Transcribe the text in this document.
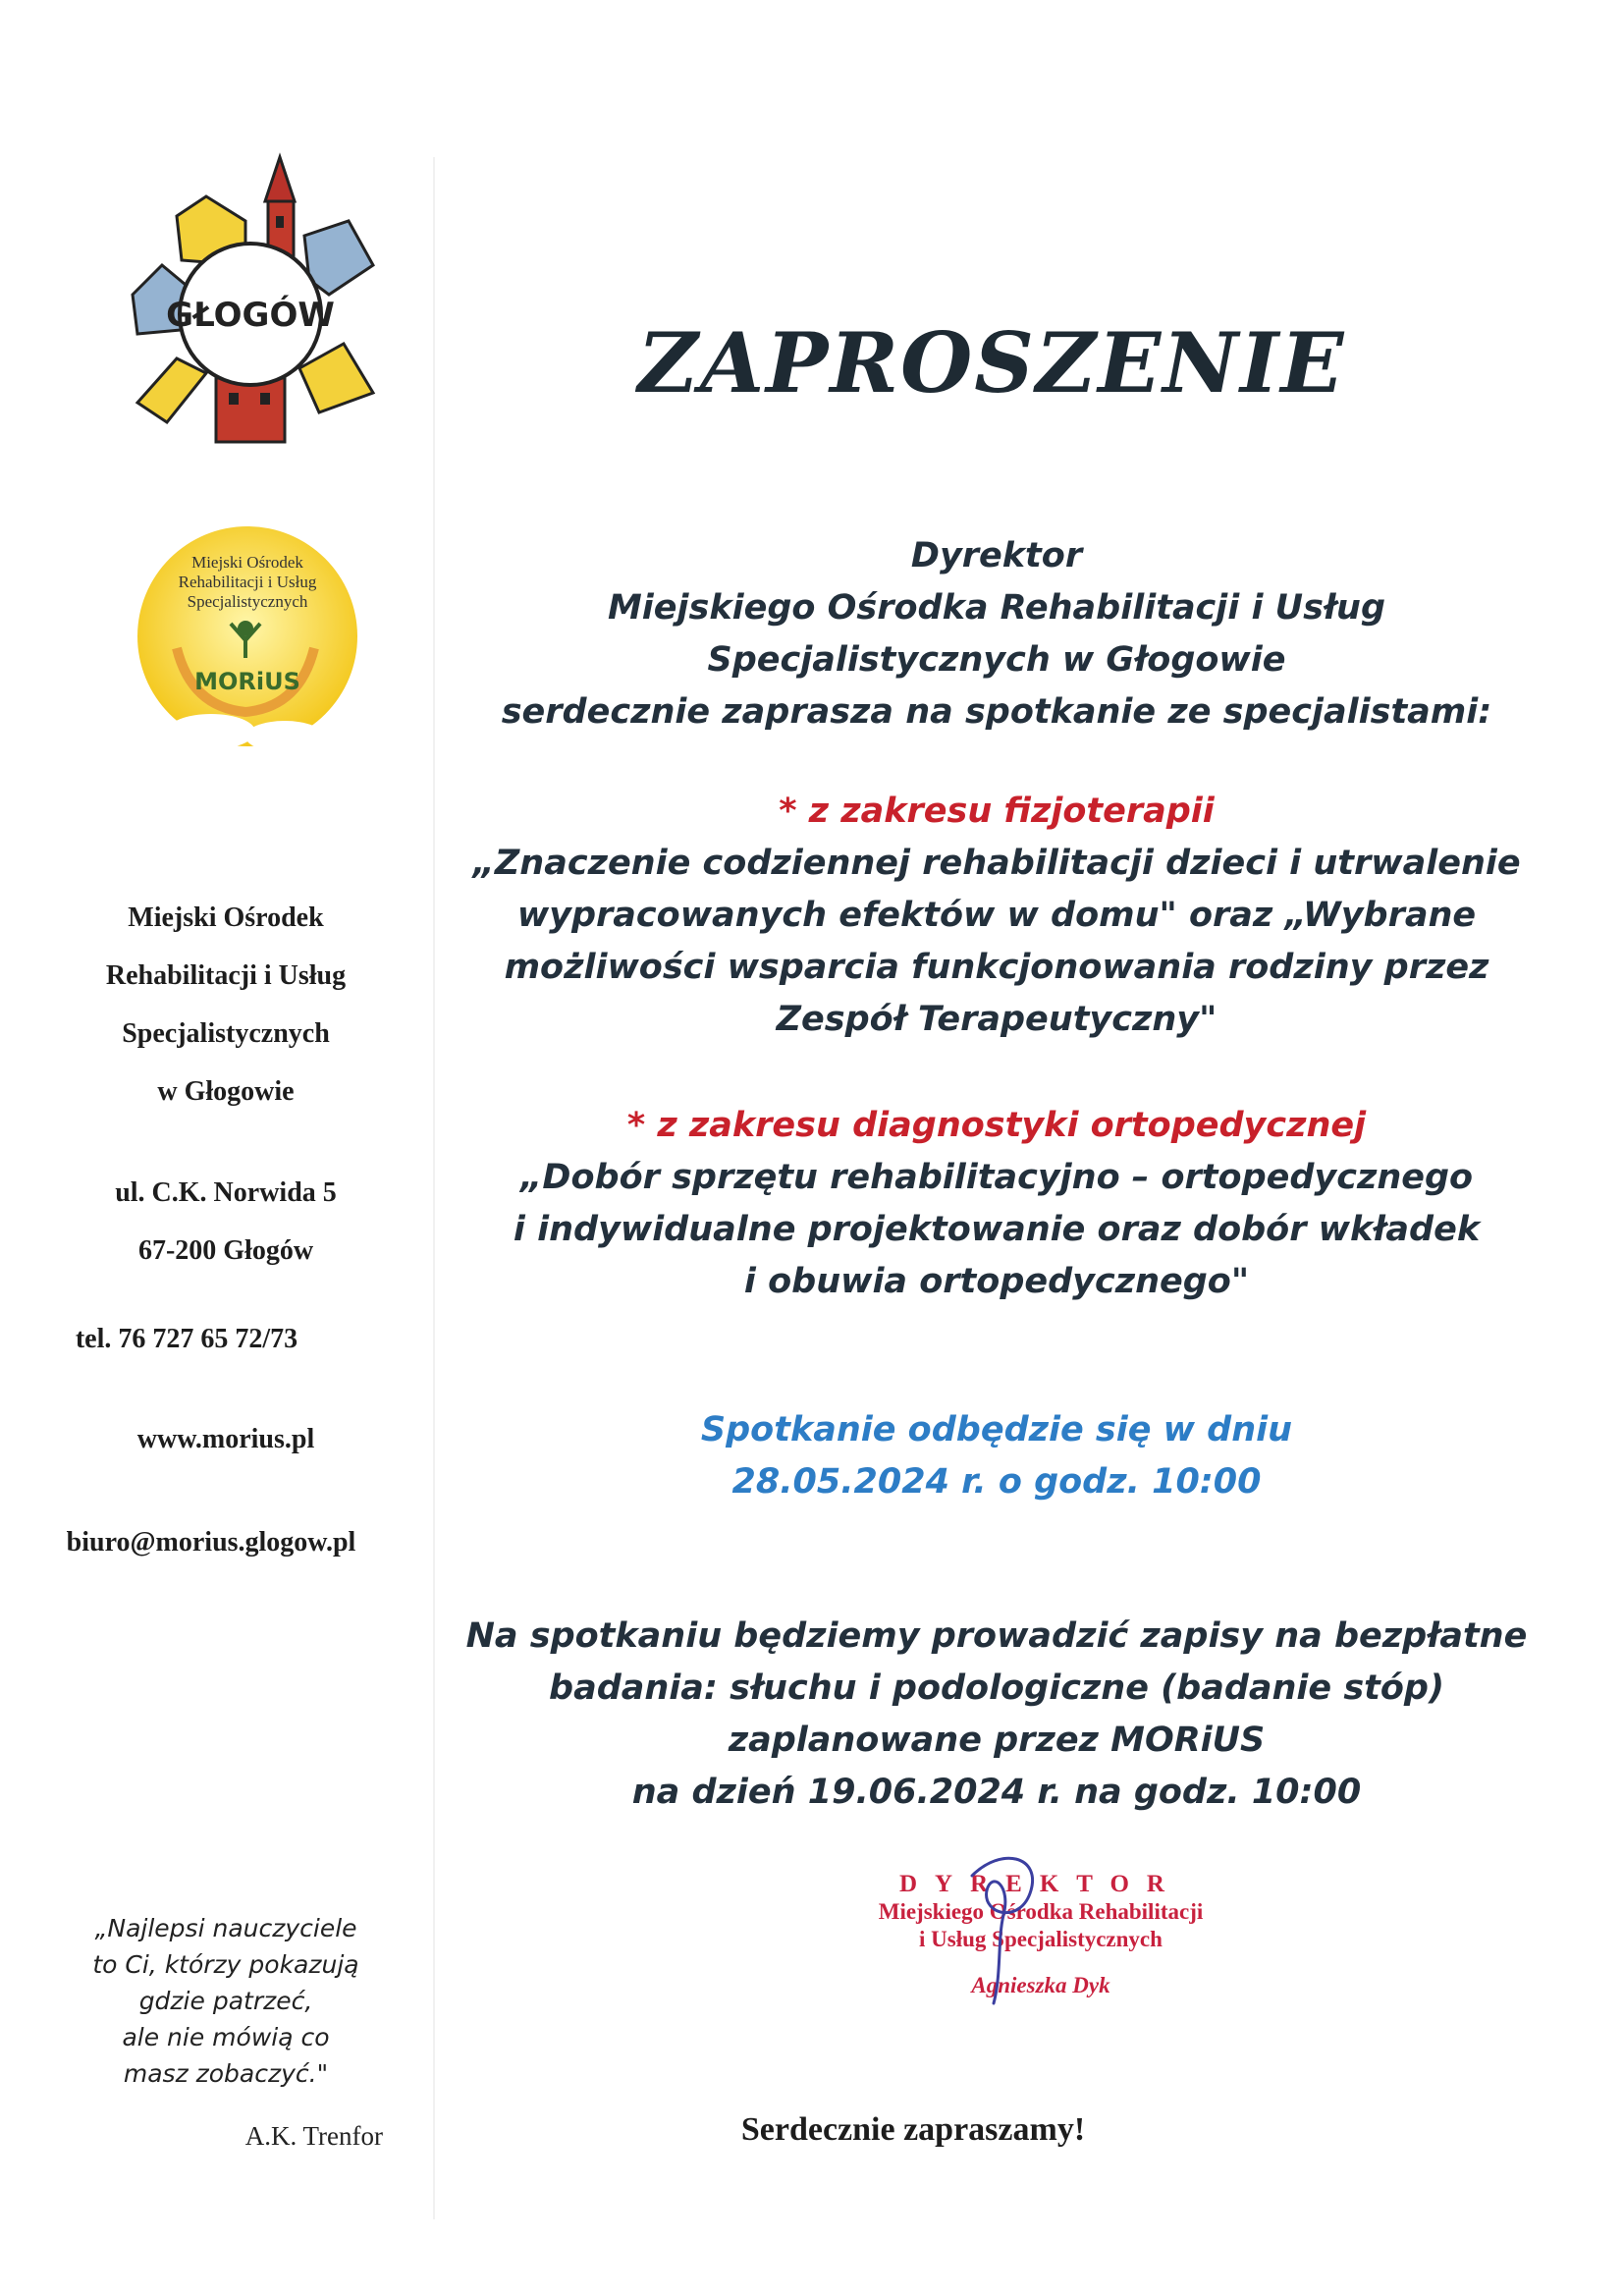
GŁOGÓW
Miejski Ośrodek
Rehabilitacji i Usług
Specjalistycznych
MORiUS
Miejski Ośrodek
Rehabilitacji i Usług
Specjalistycznych
w Głogowie
ul. C.K. Norwida 5
67-200 Głogów
tel. 76 727 65 72/73
www.morius.pl
biuro@morius.glogow.pl
„Najlepsi nauczyciele
to Ci, którzy pokazują
gdzie patrzeć,
ale nie mówią co
masz zobaczyć."
A.K. Trenfor
ZAPROSZENIE
Dyrektor
Miejskiego Ośrodka Rehabilitacji i Usług
Specjalistycznych w Głogowie
serdecznie zaprasza na spotkanie ze specjalistami:
* z zakresu fizjoterapii
„Znaczenie codziennej rehabilitacji dzieci i utrwalenie
wypracowanych efektów w domu" oraz „Wybrane
możliwości wsparcia funkcjonowania rodziny przez
Zespół Terapeutyczny"
* z zakresu diagnostyki ortopedycznej
„Dobór sprzętu rehabilitacyjno – ortopedycznego
i indywidualne projektowanie oraz dobór wkładek
i obuwia ortopedycznego"
Spotkanie odbędzie się w dniu
28.05.2024 r. o godz. 10:00
Na spotkaniu będziemy prowadzić zapisy na bezpłatne
badania: słuchu i podologiczne (badanie stóp)
zaplanowane przez MORiUS
na dzień 19.06.2024 r. na godz. 10:00
DYREKTOR
Miejskiego Ośrodka Rehabilitacji
i Usług Specjalistycznych
Agnieszka Dyk
Serdecznie zapraszamy!
